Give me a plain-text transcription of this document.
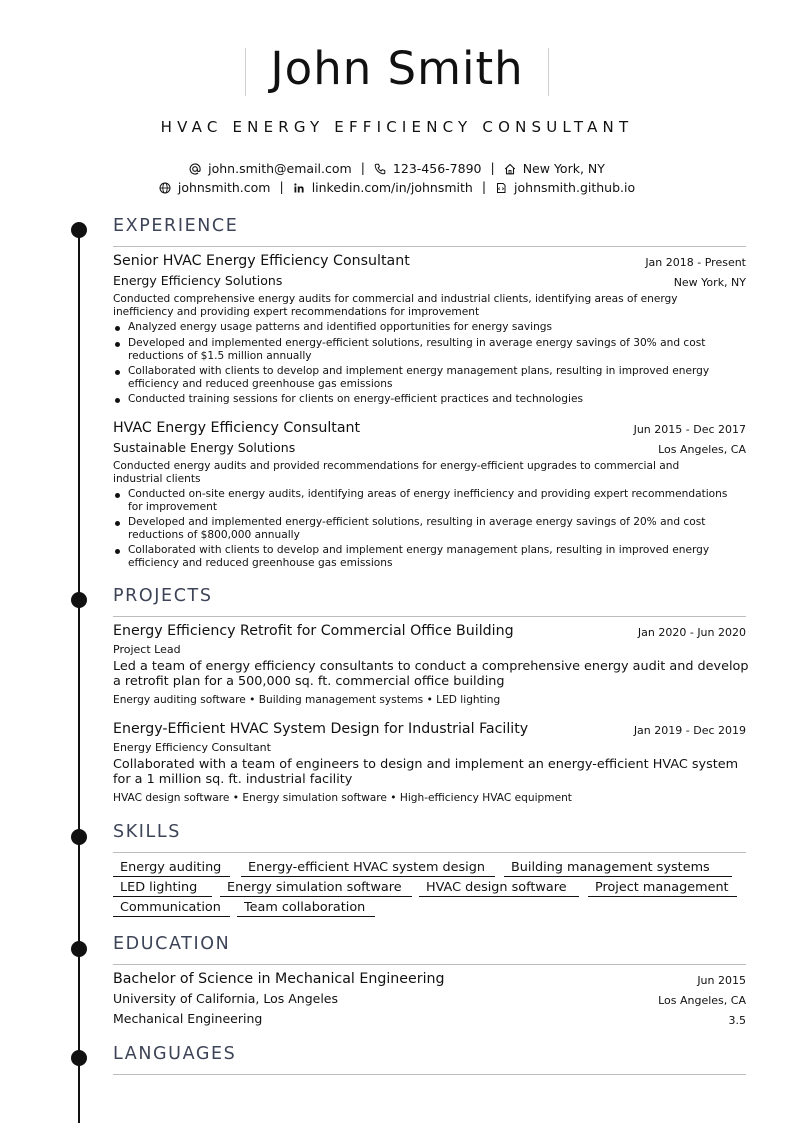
John Smith
HVAC ENERGY EFFICIENCY CONSULTANT
john.smith@email.com | 123-456-7890 | New York, NY
johnsmith.com | linkedin.com/in/johnsmith | johnsmith.github.io
EXPERIENCE
Senior HVAC Energy Efficiency Consultant	Jan 2018 - Present
Energy Efficiency Solutions	New York, NY
Conducted comprehensive energy audits for commercial and industrial clients, identifying areas of energy inefficiency and providing expert recommendations for improvement
Analyzed energy usage patterns and identified opportunities for energy savings
Developed and implemented energy-efficient solutions, resulting in average energy savings of 30% and cost reductions of $1.5 million annually
Collaborated with clients to develop and implement energy management plans, resulting in improved energy efficiency and reduced greenhouse gas emissions
Conducted training sessions for clients on energy-efficient practices and technologies
HVAC Energy Efficiency Consultant	Jun 2015 - Dec 2017
Sustainable Energy Solutions	Los Angeles, CA
Conducted energy audits and provided recommendations for energy-efficient upgrades to commercial and industrial clients
Conducted on-site energy audits, identifying areas of energy inefficiency and providing expert recommendations for improvement
Developed and implemented energy-efficient solutions, resulting in average energy savings of 20% and cost reductions of $800,000 annually
Collaborated with clients to develop and implement energy management plans, resulting in improved energy efficiency and reduced greenhouse gas emissions
PROJECTS
Energy Efficiency Retrofit for Commercial Office Building	Jan 2020 - Jun 2020
Project Lead
Led a team of energy efficiency consultants to conduct a comprehensive energy audit and develop a retrofit plan for a 500,000 sq. ft. commercial office building
Energy auditing software • Building management systems • LED lighting
Energy-Efficient HVAC System Design for Industrial Facility	Jan 2019 - Dec 2019
Energy Efficiency Consultant
Collaborated with a team of engineers to design and implement an energy-efficient HVAC system for a 1 million sq. ft. industrial facility
HVAC design software • Energy simulation software • High-efficiency HVAC equipment
SKILLS
Energy auditing	Energy-efficient HVAC system design	Building management systems
LED lighting	Energy simulation software	HVAC design software	Project management
Communication	Team collaboration
EDUCATION
Bachelor of Science in Mechanical Engineering	Jun 2015
University of California, Los Angeles	Los Angeles, CA
Mechanical Engineering	3.5
LANGUAGES
